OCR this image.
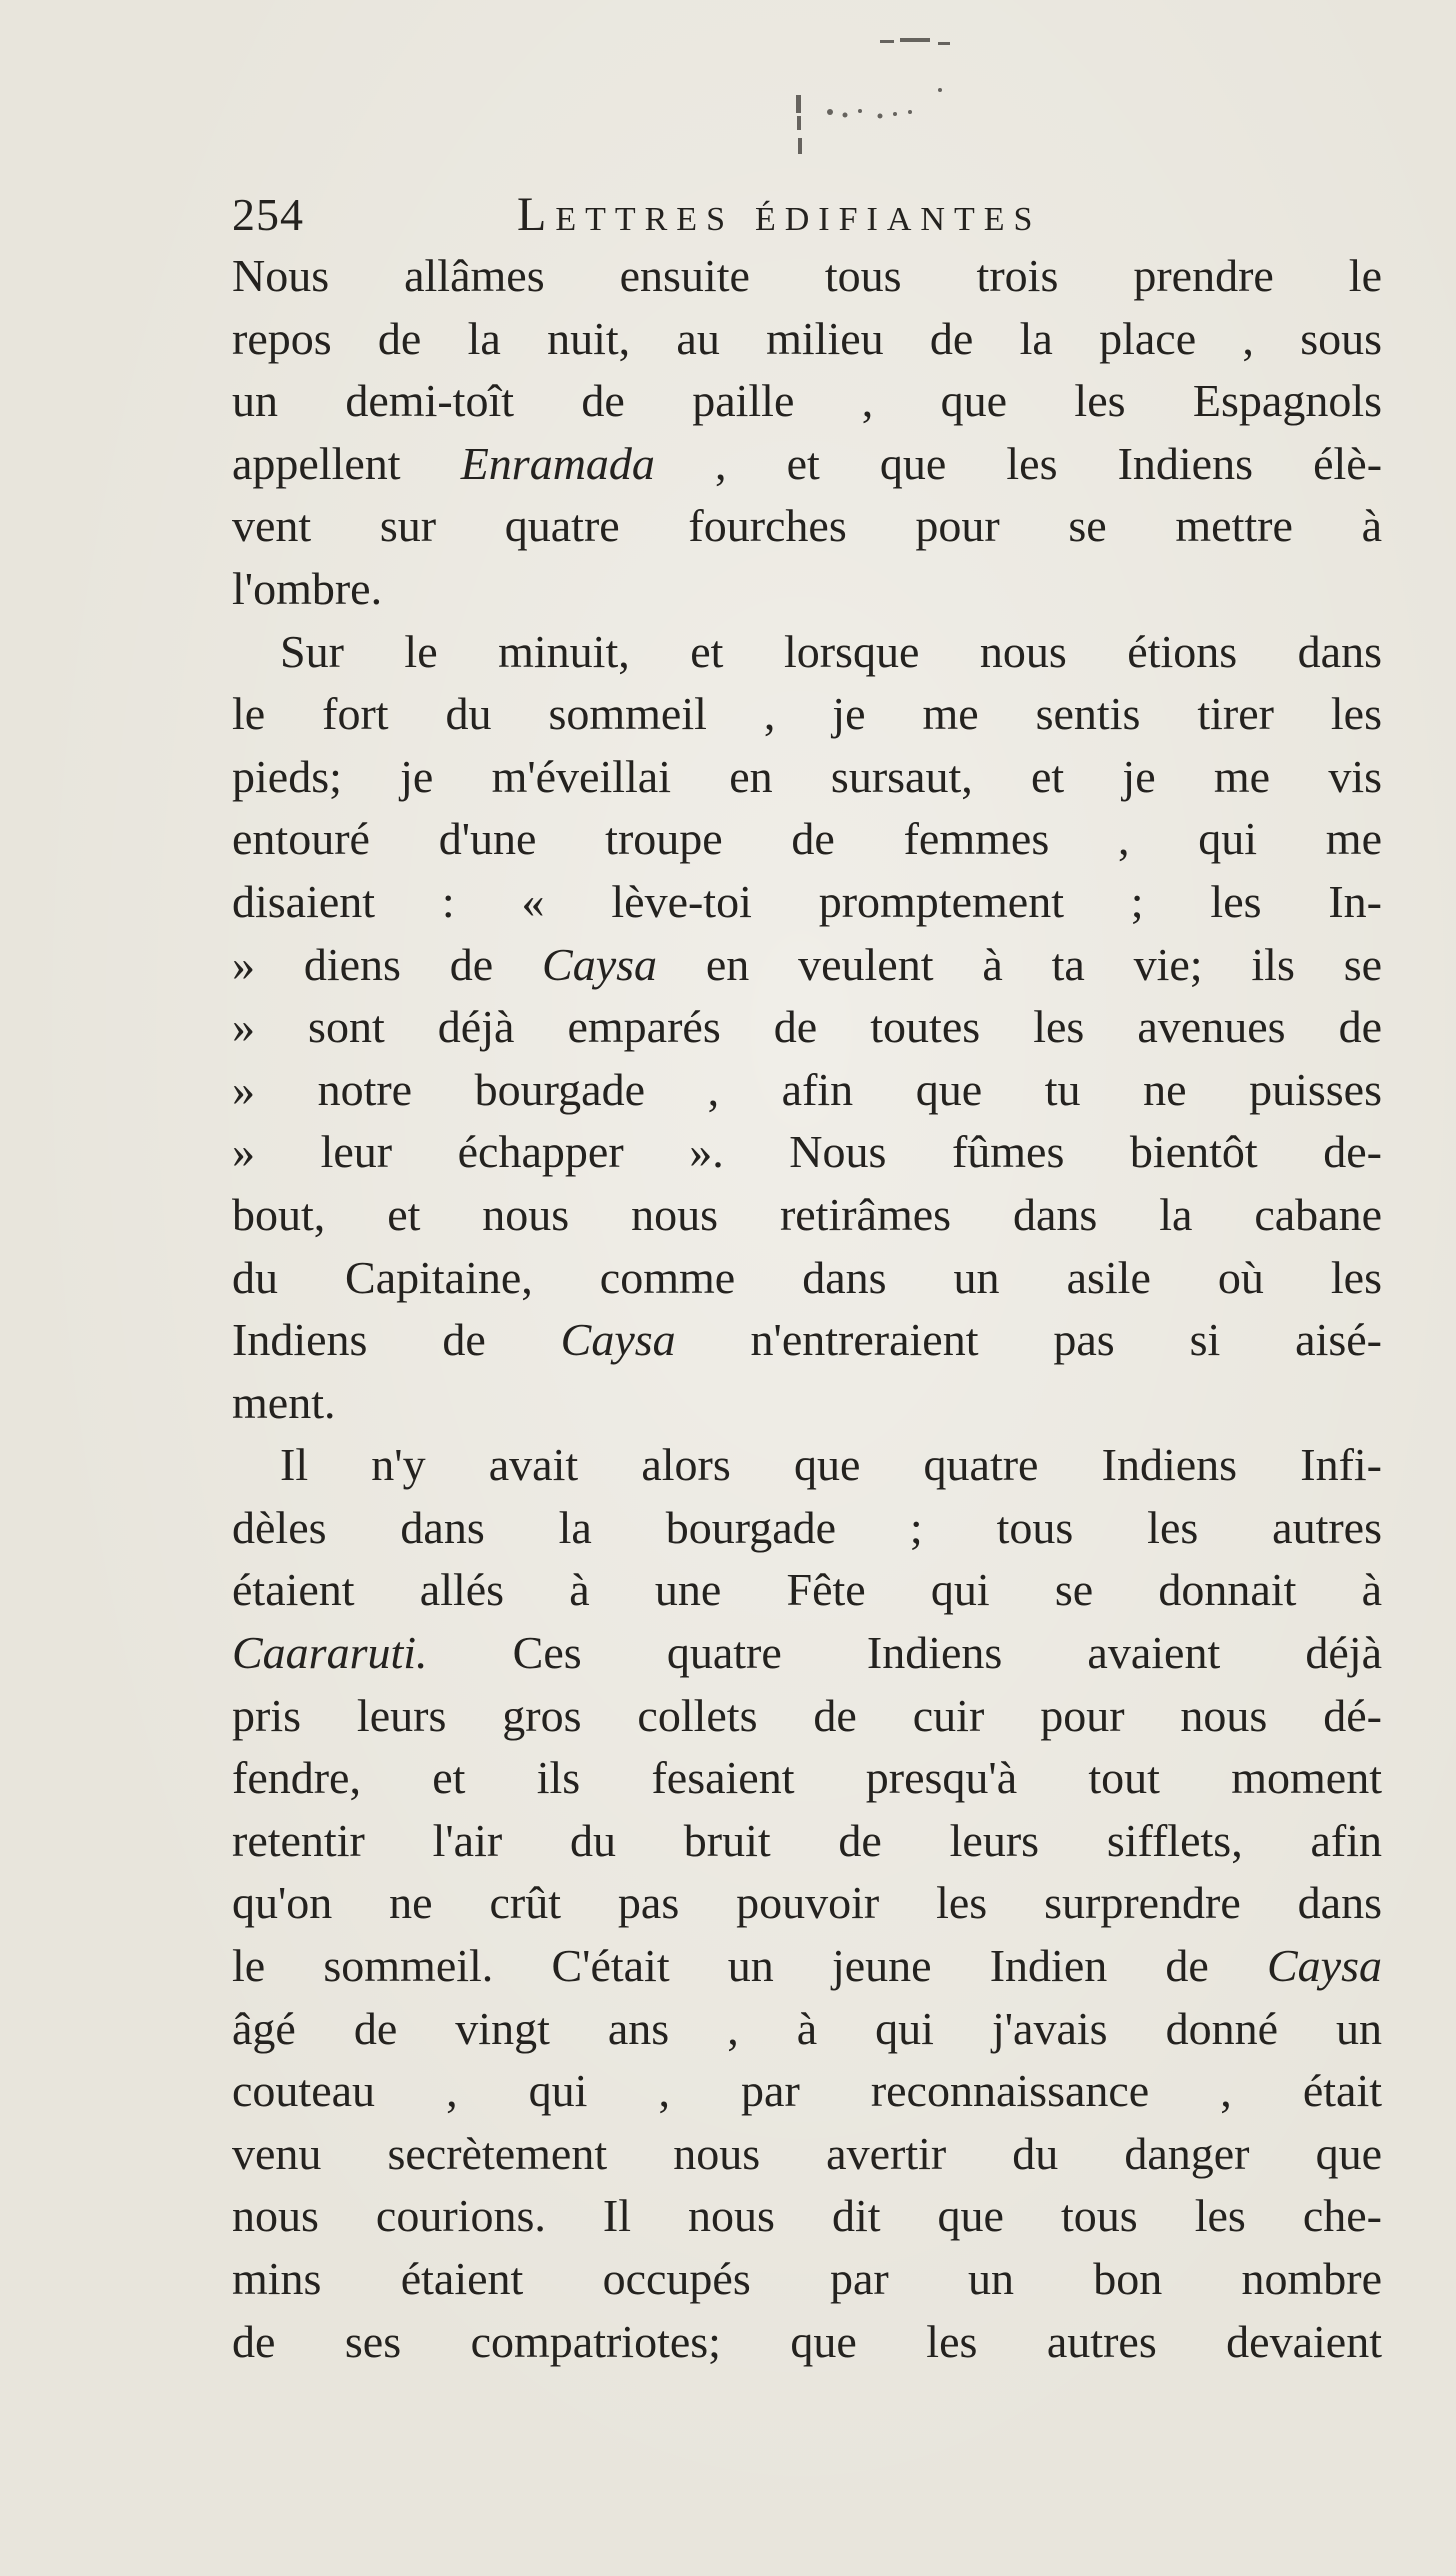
254	Lettres édifiantes
Nous allâmes ensuite tous trois prendre le
repos de la nuit, au milieu de la place , sous
un demi-toît de paille , que les Espagnols
appellent Enramada , et que les Indiens élè-
vent sur quatre fourches pour se mettre à
l'ombre.
Sur le minuit, et lorsque nous étions dans
le fort du sommeil , je me sentis tirer les
pieds; je m'éveillai en sursaut, et je me vis
entouré d'une troupe de femmes , qui me
disaient : « lève-toi promptement ; les In-
» diens de Caysa en veulent à ta vie; ils se
» sont déjà emparés de toutes les avenues de
» notre bourgade , afin que tu ne puisses
» leur échapper ». Nous fûmes bientôt de-
bout, et nous nous retirâmes dans la cabane
du Capitaine, comme dans un asile où les
Indiens de Caysa n'entreraient pas si aisé-
ment.
Il n'y avait alors que quatre Indiens Infi-
dèles dans la bourgade ; tous les autres
étaient allés à une Fête qui se donnait à
Caararuti. Ces quatre Indiens avaient déjà
pris leurs gros collets de cuir pour nous dé-
fendre, et ils fesaient presqu'à tout moment
retentir l'air du bruit de leurs sifflets, afin
qu'on ne crût pas pouvoir les surprendre dans
le sommeil. C'était un jeune Indien de Caysa
âgé de vingt ans , à qui j'avais donné un
couteau , qui , par reconnaissance , était
venu secrètement nous avertir du danger que
nous courions. Il nous dit que tous les che-
mins étaient occupés par un bon nombre
de ses compatriotes; que les autres devaient
